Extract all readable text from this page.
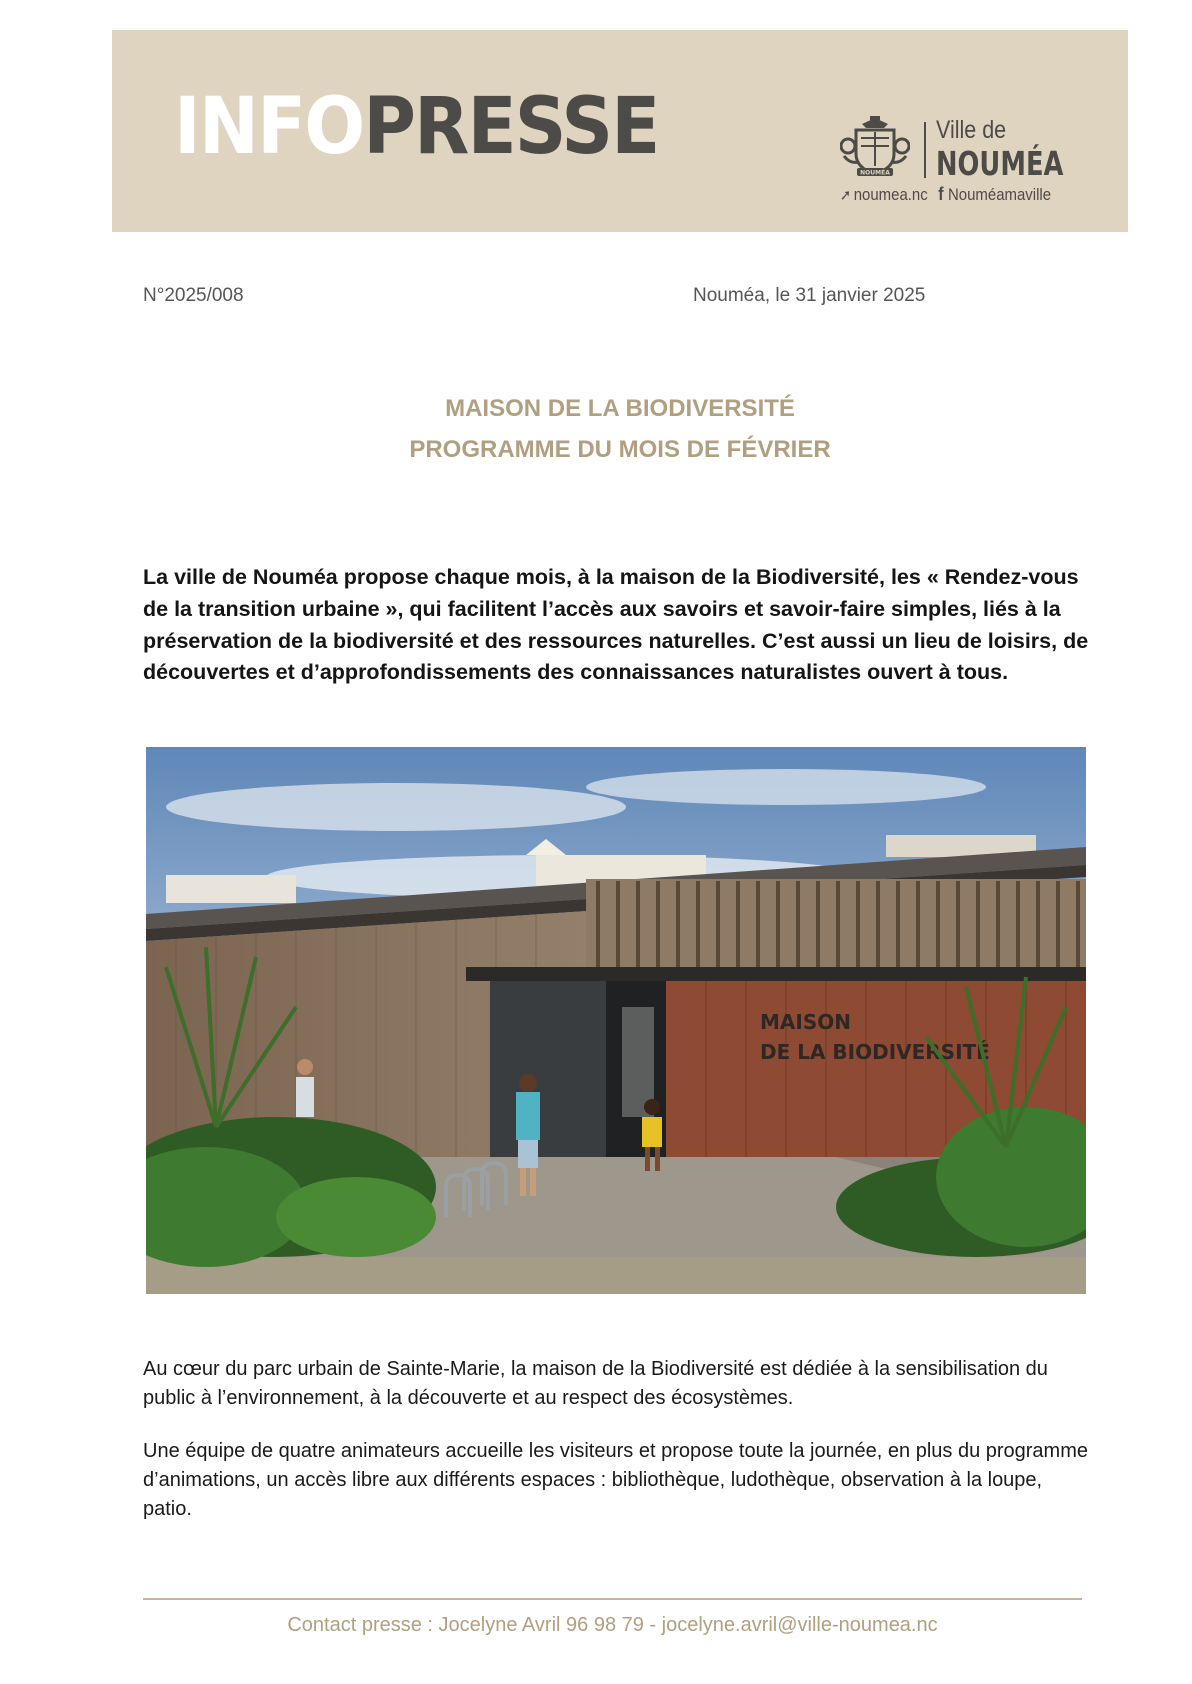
INFOPRESSE
NOUMÉA
Ville de
NOUMÉA
➚ noumea.nc f Nouméamaville
N°2025/008	Nouméa, le 31 janvier 2025
MAISON DE LA BIODIVERSITÉ
PROGRAMME DU MOIS DE FÉVRIER

La ville de Nouméa propose chaque mois, à la maison de la Biodiversité, les « Rendez-vous de la transition urbaine », qui facilitent l’accès aux savoirs et savoir-faire simples, liés à la préservation de la biodiversité et des ressources naturelles. C’est aussi un lieu de loisirs, de découvertes et d’approfondissements des connaissances naturalistes ouvert à tous.

MAISON
DE LA BIODIVERSITÉ

Au cœur du parc urbain de Sainte-Marie, la maison de la Biodiversité est dédiée à la sensibilisation du public à l’environnement, à la découverte et au respect des écosystèmes.

Une équipe de quatre animateurs accueille les visiteurs et propose toute la journée, en plus du programme d’animations, un accès libre aux différents espaces : bibliothèque, ludothèque, observation à la loupe, patio.

Contact presse : Jocelyne Avril 96 98 79 - jocelyne.avril@ville-noumea.nc
